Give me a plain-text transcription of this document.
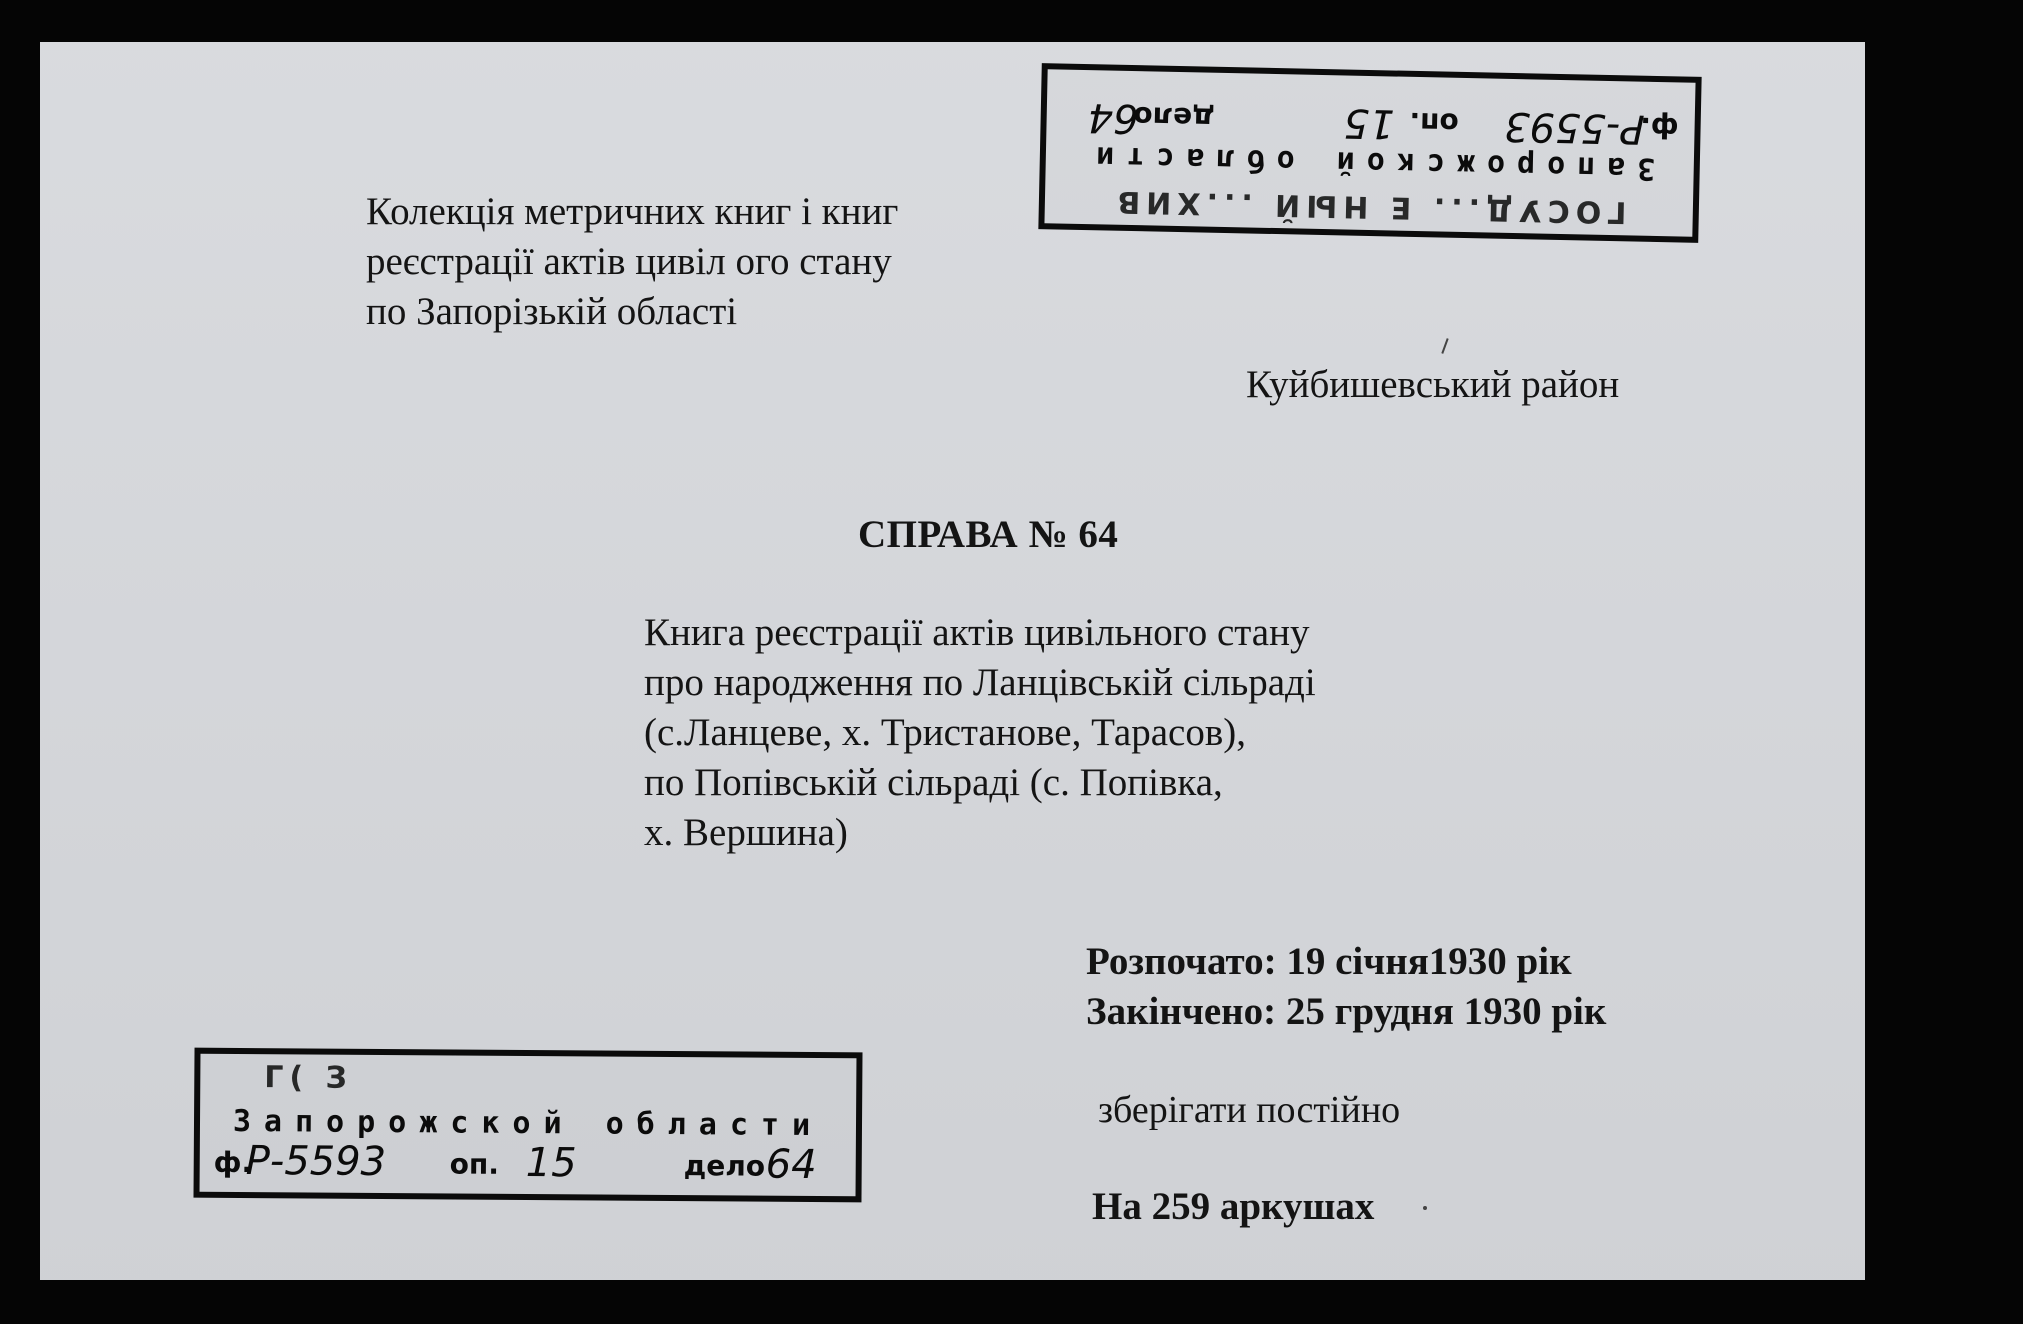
Колекція метричних книг і книг
реєстрації актів цивіл ого стану
по Запорізькій області
Куйбишевський район
СПРАВА № 64
Книга реєстрації актів цивільного стану
про народження по Ланцівській сільраді
(с.Ланцеве, х. Тристанове, Тарасов),
по Попівській сільраді (с. Попівка,
х. Вершина)
Розпочато: 19 січня1930 рік
Закінчено: 25 грудня 1930 рік
зберігати постійно
На 259 аркушах
ГОСУД... Е НЫЙ ...ХИВ
Запорожской области
ф.
Р-5593
оп.
15
дело
64
Г( З
Запорожской области
ф.
Р-5593 оп. 15	дело 64
